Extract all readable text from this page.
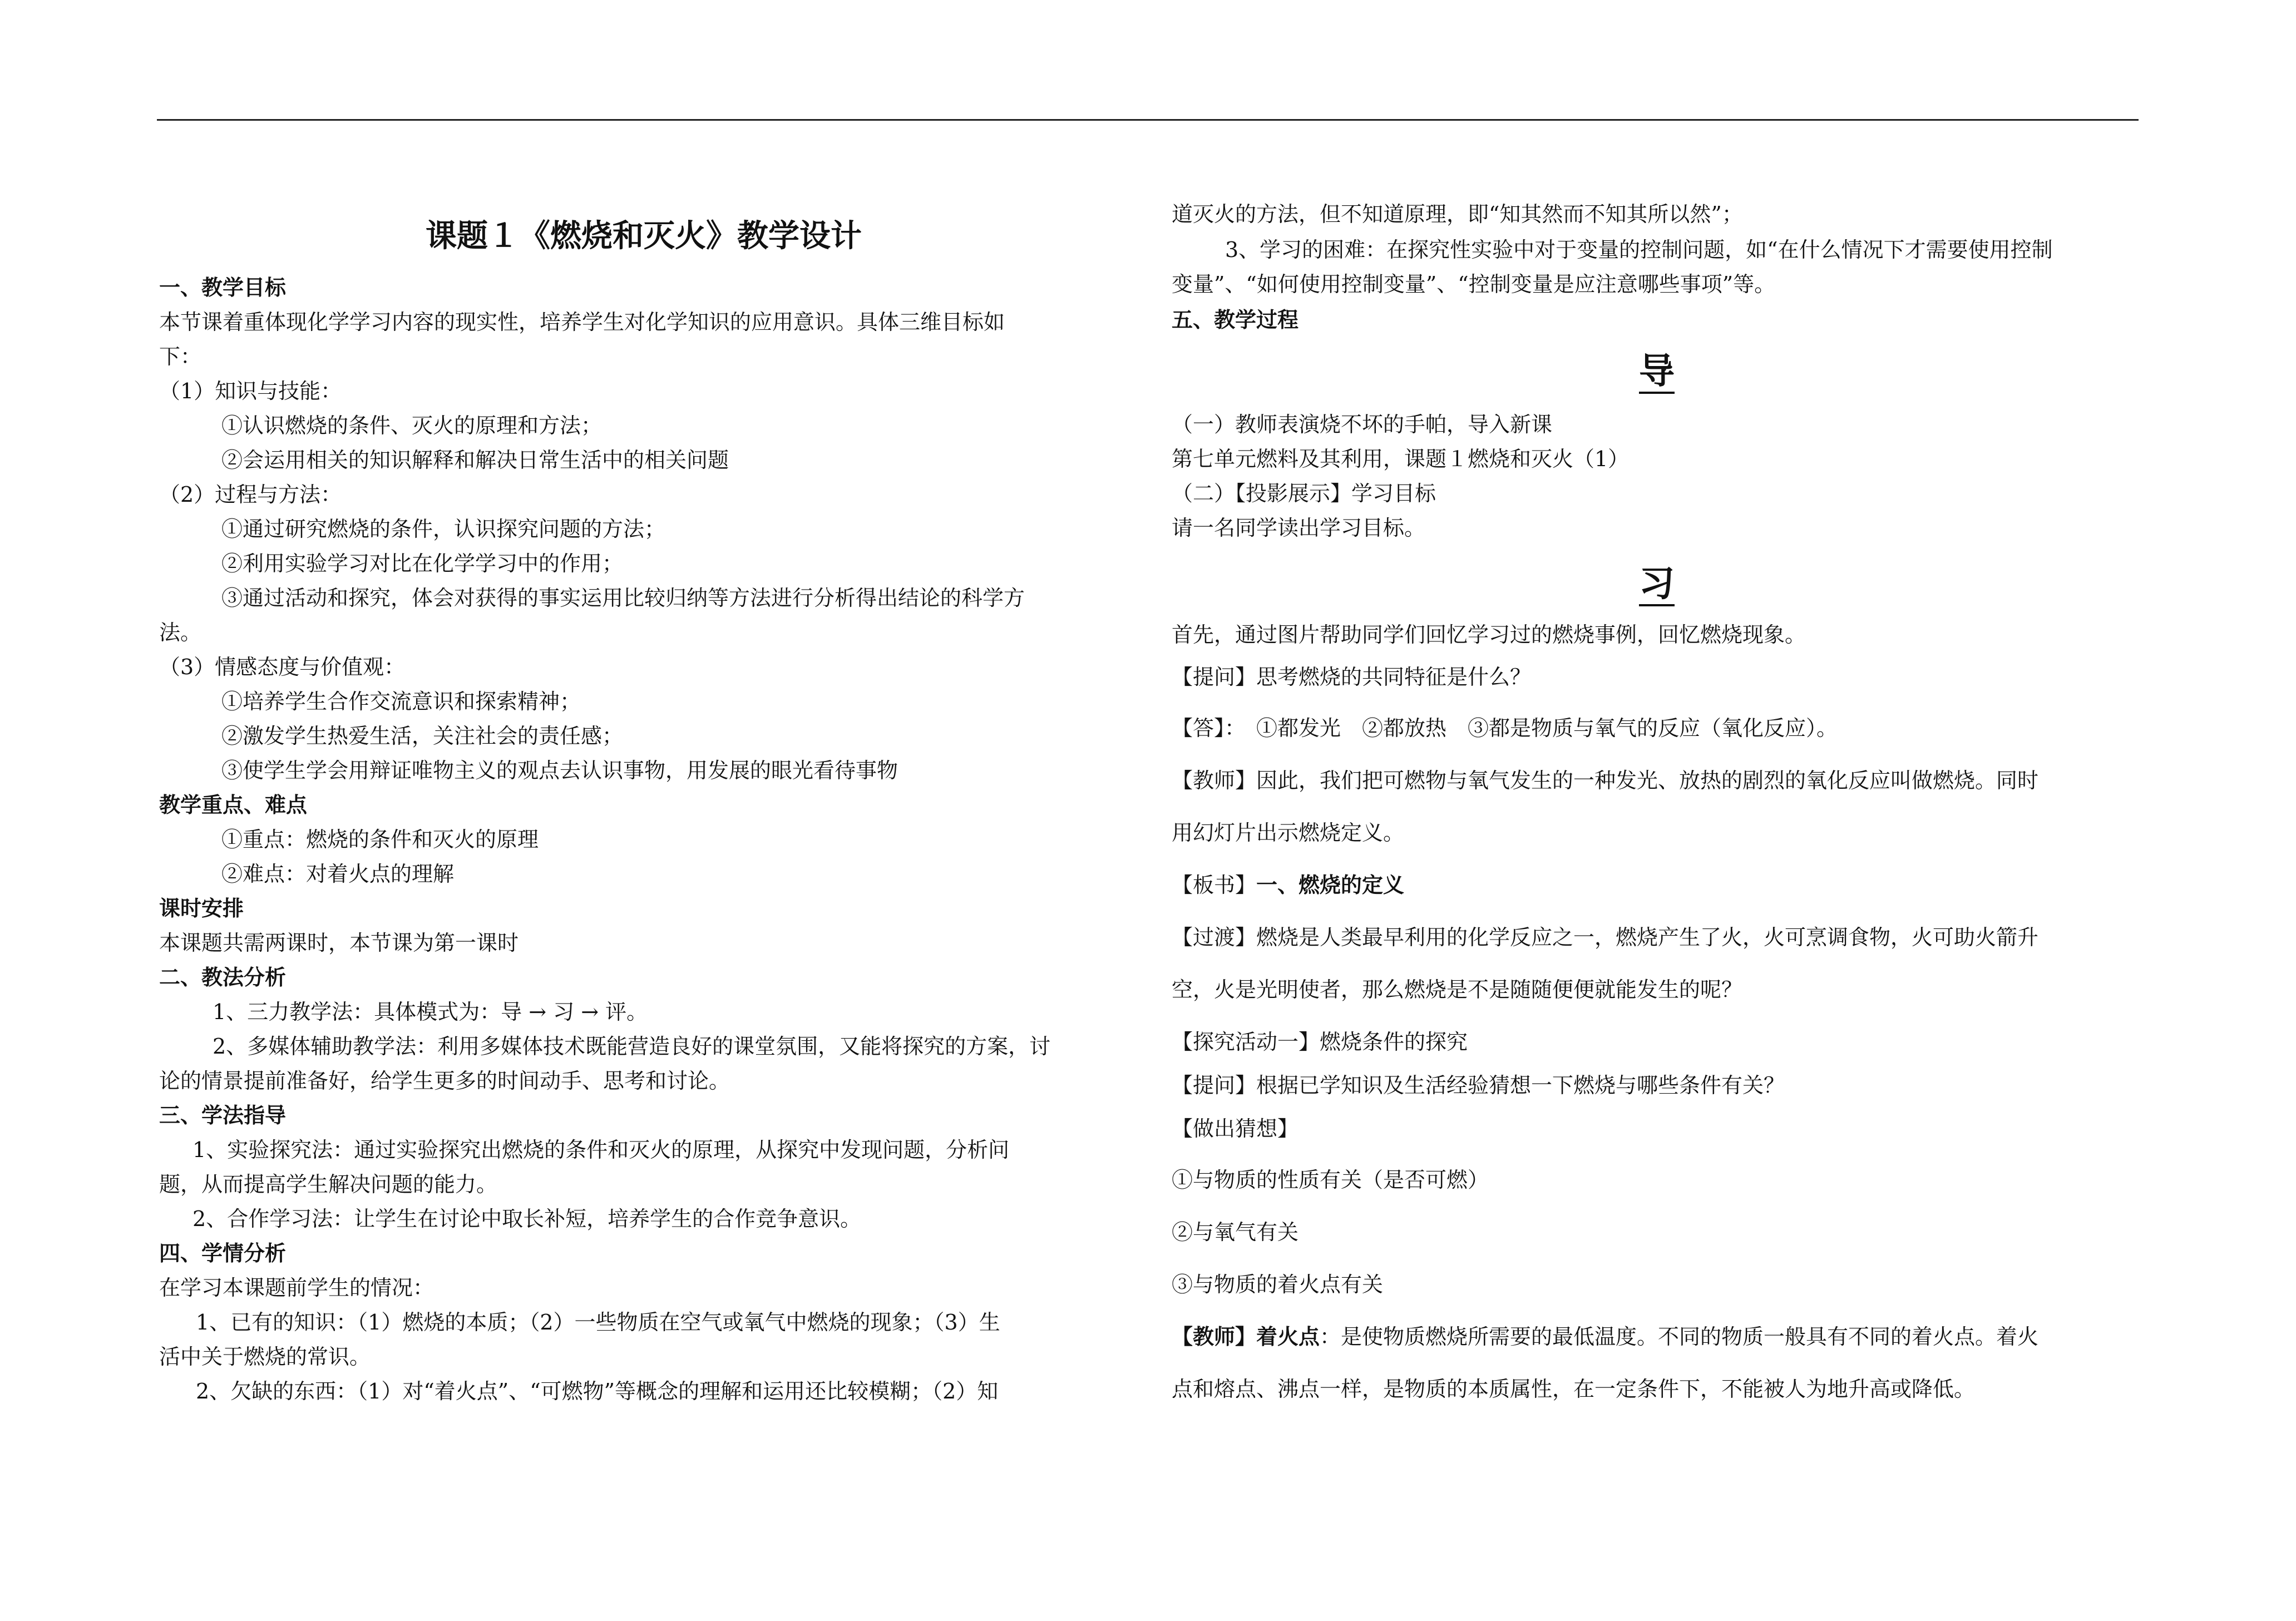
课题１《燃烧和灭火》教学设计
一、教学目标
本节课着重体现化学学习内容的现实性，培养学生对化学知识的应用意识。具体三维目标如
下：
（1）知识与技能：
①认识燃烧的条件、灭火的原理和方法；
②会运用相关的知识解释和解决日常生活中的相关问题
（2）过程与方法：
①通过研究燃烧的条件，认识探究问题的方法；
②利用实验学习对比在化学学习中的作用；
③通过活动和探究，体会对获得的事实运用比较归纳等方法进行分析得出结论的科学方
法。
（3）情感态度与价值观：
①培养学生合作交流意识和探索精神；
②激发学生热爱生活，关注社会的责任感；
③使学生学会用辩证唯物主义的观点去认识事物，用发展的眼光看待事物
教学重点、难点
①重点：燃烧的条件和灭火的原理
②难点：对着火点的理解
课时安排
本课题共需两课时，本节课为第一课时
二、教法分析
1、三力教学法：具体模式为：导 → 习 → 评。
2、多媒体辅助教学法：利用多媒体技术既能营造良好的课堂氛围，又能将探究的方案，讨
论的情景提前准备好，给学生更多的时间动手、思考和讨论。
三、学法指导
1、实验探究法：通过实验探究出燃烧的条件和灭火的原理，从探究中发现问题，分析问
题，从而提高学生解决问题的能力。
2、合作学习法：让学生在讨论中取长补短，培养学生的合作竞争意识。
四、学情分析
在学习本课题前学生的情况：
1、已有的知识：（1）燃烧的本质；（2）一些物质在空气或氧气中燃烧的现象；（3）生
活中关于燃烧的常识。
2、欠缺的东西：（1）对“着火点”、“可燃物”等概念的理解和运用还比较模糊；（2）知
道灭火的方法，但不知道原理，即“知其然而不知其所以然”；
3、学习的困难：在探究性实验中对于变量的控制问题，如“在什么情况下才需要使用控制
变量”、“如何使用控制变量”、“控制变量是应注意哪些事项”等。
五、教学过程
导
（一）教师表演烧不坏的手帕，导入新课
第七单元燃料及其利用，课题１燃烧和灭火（1）
（二）【投影展示】学习目标
请一名同学读出学习目标。
习
首先，通过图片帮助同学们回忆学习过的燃烧事例，回忆燃烧现象。
【提问】思考燃烧的共同特征是什么？
【答】：　①都发光　②都放热　③都是物质与氧气的反应（氧化反应）。
【教师】因此，我们把可燃物与氧气发生的一种发光、放热的剧烈的氧化反应叫做燃烧。同时
用幻灯片出示燃烧定义。
【板书】一、燃烧的定义
【过渡】燃烧是人类最早利用的化学反应之一，燃烧产生了火，火可烹调食物，火可助火箭升
空，火是光明使者，那么燃烧是不是随随便便就能发生的呢？
【探究活动一】燃烧条件的探究
【提问】根据已学知识及生活经验猜想一下燃烧与哪些条件有关？
【做出猜想】
①与物质的性质有关（是否可燃）
②与氧气有关
③与物质的着火点有关
【教师】着火点：是使物质燃烧所需要的最低温度。不同的物质一般具有不同的着火点。着火
点和熔点、沸点一样，是物质的本质属性，在一定条件下，不能被人为地升高或降低。
